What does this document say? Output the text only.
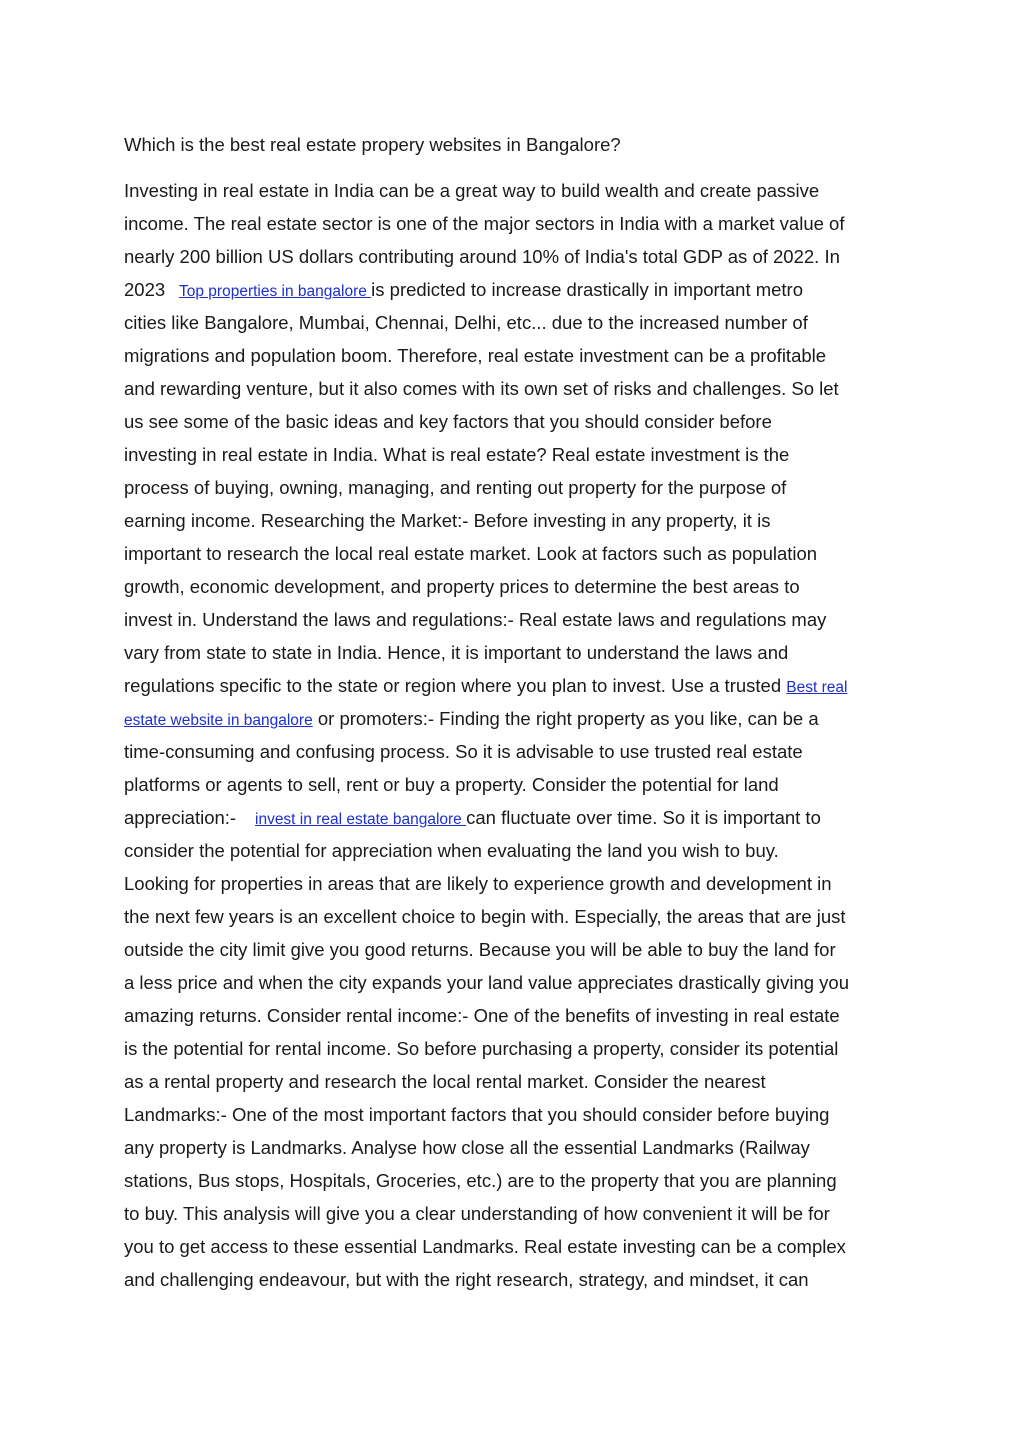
Which is the best real estate propery websites in Bangalore?

Investing in real estate in India can be a great way to build wealth and create passive
income. The real estate sector is one of the major sectors in India with a market value of
nearly 200 billion US dollars contributing around 10% of India's total GDP as of 2022. In
2023 Top properties in bangalore is predicted to increase drastically in important metro
cities like Bangalore, Mumbai, Chennai, Delhi, etc... due to the increased number of
migrations and population boom. Therefore, real estate investment can be a profitable
and rewarding venture, but it also comes with its own set of risks and challenges. So let
us see some of the basic ideas and key factors that you should consider before
investing in real estate in India. What is real estate? Real estate investment is the
process of buying, owning, managing, and renting out property for the purpose of
earning income. Researching the Market:- Before investing in any property, it is
important to research the local real estate market. Look at factors such as population
growth, economic development, and property prices to determine the best areas to
invest in. Understand the laws and regulations:- Real estate laws and regulations may
vary from state to state in India. Hence, it is important to understand the laws and
regulations specific to the state or region where you plan to invest. Use a trusted Best real
estate website in bangalore or promoters:- Finding the right property as you like, can be a
time-consuming and confusing process. So it is advisable to use trusted real estate
platforms or agents to sell, rent or buy a property. Consider the potential for land
appreciation:- invest in real estate bangalore can fluctuate over time. So it is important to
consider the potential for appreciation when evaluating the land you wish to buy.
Looking for properties in areas that are likely to experience growth and development in
the next few years is an excellent choice to begin with. Especially, the areas that are just
outside the city limit give you good returns. Because you will be able to buy the land for
a less price and when the city expands your land value appreciates drastically giving you
amazing returns. Consider rental income:- One of the benefits of investing in real estate
is the potential for rental income. So before purchasing a property, consider its potential
as a rental property and research the local rental market. Consider the nearest
Landmarks:- One of the most important factors that you should consider before buying
any property is Landmarks. Analyse how close all the essential Landmarks (Railway
stations, Bus stops, Hospitals, Groceries, etc.) are to the property that you are planning
to buy. This analysis will give you a clear understanding of how convenient it will be for
you to get access to these essential Landmarks. Real estate investing can be a complex
and challenging endeavour, but with the right research, strategy, and mindset, it can
